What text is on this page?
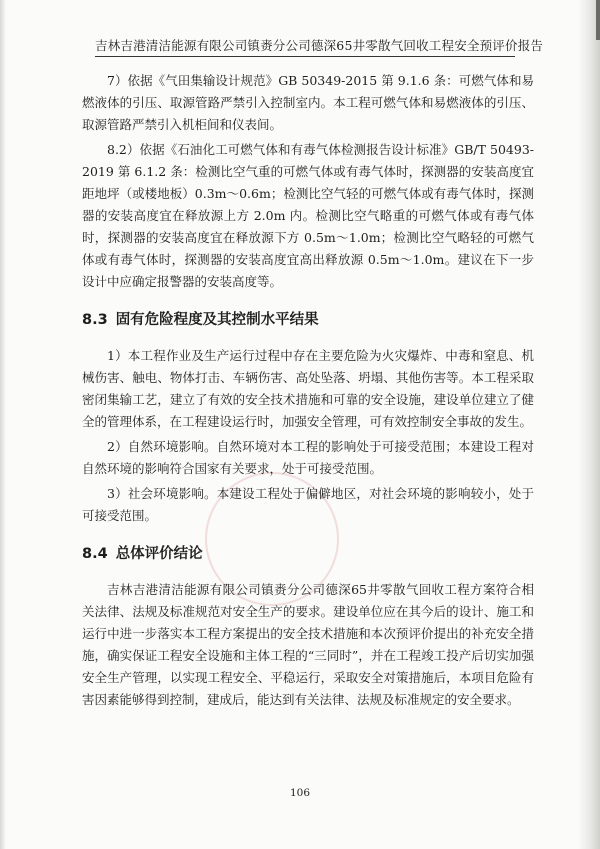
吉林吉港清洁能源有限公司镇赉分公司德深65井零散气回收工程安全预评价报告

7）依据《气田集输设计规范》GB 50349-2015 第 9.1.6 条：可燃气体和易燃液体的引压、取源管路严禁引入控制室内。本工程可燃气体和易燃液体的引压、取源管路严禁引入机柜间和仪表间。

8.2）依据《石油化工可燃气体和有毒气体检测报告设计标准》GB/T 50493-2019 第 6.1.2 条：检测比空气重的可燃气体或有毒气体时，探测器的安装高度宜距地坪（或楼地板）0.3m～0.6m；检测比空气轻的可燃气体或有毒气体时，探测器的安装高度宜在释放源上方 2.0m 内。检测比空气略重的可燃气体或有毒气体时，探测器的安装高度宜在释放源下方 0.5m～1.0m；检测比空气略轻的可燃气体或有毒气体时，探测器的安装高度宜高出释放源 0.5m～1.0m。建议在下一步设计中应确定报警器的安装高度等。

8.3 固有危险程度及其控制水平结果

1）本工程作业及生产运行过程中存在主要危险为火灾爆炸、中毒和窒息、机械伤害、触电、物体打击、车辆伤害、高处坠落、坍塌、其他伤害等。本工程采取密闭集输工艺，建立了有效的安全技术措施和可靠的安全设施，建设单位建立了健全的管理体系，在工程建设运行时，加强安全管理，可有效控制安全事故的发生。

2）自然环境影响。自然环境对本工程的影响处于可接受范围；本建设工程对自然环境的影响符合国家有关要求，处于可接受范围。

3）社会环境影响。本建设工程处于偏僻地区，对社会环境的影响较小，处于可接受范围。

8.4 总体评价结论

吉林吉港清洁能源有限公司镇赉分公司德深65井零散气回收工程方案符合相关法律、法规及标准规范对安全生产的要求。建设单位应在其今后的设计、施工和运行中进一步落实本工程方案提出的安全技术措施和本次预评价提出的补充安全措施，确实保证工程安全设施和主体工程的“三同时”，并在工程竣工投产后切实加强安全生产管理，以实现工程安全、平稳运行，采取安全对策措施后，本项目危险有害因素能够得到控制，建成后，能达到有关法律、法规及标准规定的安全要求。

106
